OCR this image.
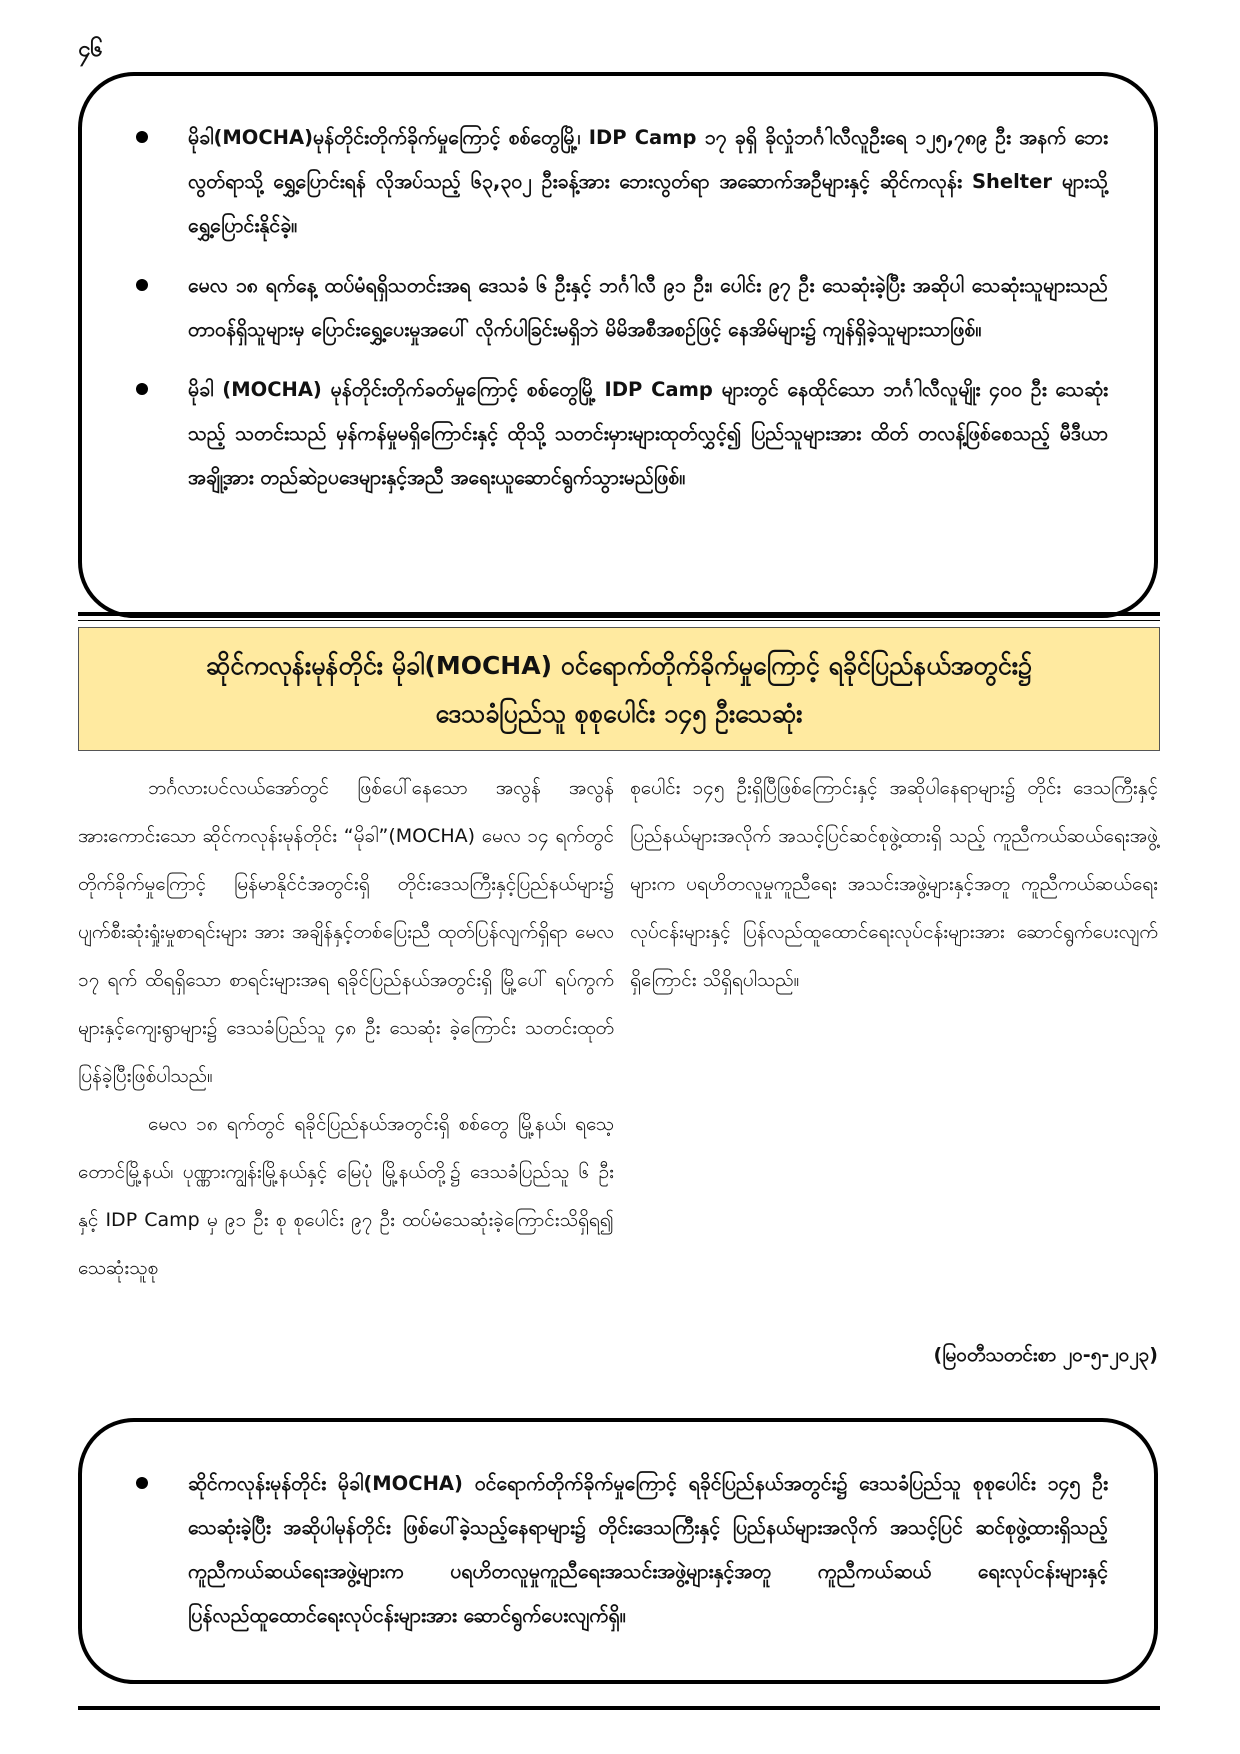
၄၆
မိုခါ(MOCHA)မုန်တိုင်းတိုက်ခိုက်မှုကြောင့် စစ်တွေမြို့၊ IDP Camp ၁၇ ခုရှိ ခိုလှုံဘင်္ဂါလီလူဦးရေ ၁၂၅,၇၈၉ ဦး အနက် ဘေးလွတ်ရာသို့ ရွှေ့ပြောင်းရန် လိုအပ်သည့် ၆၃,၃၀၂ ဦးခန့်အား ဘေးလွတ်ရာ အဆောက်အဦများနှင့် ဆိုင်ကလုန်း Shelter များသို့ ရွှေ့ပြောင်းနိုင်ခဲ့။
မေလ ၁၈ ရက်နေ့ ထပ်မံရရှိသတင်းအရ ဒေသခံ ၆ ဦးနှင့် ဘင်္ဂါလီ ၉၁ ဦး၊ ပေါင်း ၉၇ ဦး သေဆုံးခဲ့ပြီး အဆိုပါ သေဆုံးသူများသည် တာဝန်ရှိသူများမှ ပြောင်းရွှေ့ပေးမှုအပေါ် လိုက်ပါခြင်းမရှိဘဲ မိမိအစီအစဉ်ဖြင့် နေအိမ်များ၌ ကျန်ရှိခဲ့သူများသာဖြစ်။
မိုခါ (MOCHA) မုန်တိုင်းတိုက်ခတ်မှုကြောင့် စစ်တွေမြို့ IDP Camp များတွင် နေထိုင်သော ဘင်္ဂါလီလူမျိုး ၄၀၀ ဦး သေဆုံးသည့် သတင်းသည် မှန်ကန်မှုမရှိကြောင်းနှင့် ထိုသို့ သတင်းမှားများထုတ်လွှင့်၍ ပြည်သူများအား ထိတ် တလန့်ဖြစ်စေသည့် မီဒီယာအချို့အား တည်ဆဲဥပဒေများနှင့်အညီ အရေးယူဆောင်ရွက်သွားမည်ဖြစ်။
ဆိုင်ကလုန်းမုန်တိုင်း မိုခါ(MOCHA) ဝင်ရောက်တိုက်ခိုက်မှုကြောင့် ရခိုင်ပြည်နယ်အတွင်း၌
ဒေသခံပြည်သူ စုစုပေါင်း ၁၄၅ ဦးသေဆုံး

ဘင်္ဂလားပင်လယ်အော်တွင် ဖြစ်ပေါ်နေသော အလွန် အလွန်အားကောင်းသော ဆိုင်ကလုန်းမုန်တိုင်း “မိုခါ”(MOCHA) မေလ ၁၄ ရက်တွင် တိုက်ခိုက်မှုကြောင့် မြန်မာနိုင်ငံအတွင်းရှိ တိုင်းဒေသကြီးနှင့်ပြည်နယ်များ၌ ပျက်စီးဆုံးရှုံးမှုစာရင်းများ အား အချိန်နှင့်တစ်ပြေးညီ ထုတ်ပြန်လျက်ရှိရာ မေလ ၁၇ ရက် ထိရရှိသော စာရင်းများအရ ရခိုင်ပြည်နယ်အတွင်းရှိ မြို့ပေါ် ရပ်ကွက်များနှင့်ကျေးရွာများ၌ ဒေသခံပြည်သူ ၄၈ ဦး သေဆုံး ခဲ့ကြောင်း သတင်းထုတ်ပြန်ခဲ့ပြီးဖြစ်ပါသည်။

မေလ ၁၈ ရက်တွင် ရခိုင်ပြည်နယ်အတွင်းရှိ စစ်တွေ မြို့နယ်၊ ရသေ့တောင်မြို့နယ်၊ ပုဏ္ဏားကျွန်းမြို့နယ်နှင့် မြေပုံ မြို့နယ်တို့၌ ဒေသခံပြည်သူ ၆ ဦးနှင့် IDP Camp မှ ၉၁ ဦး စု စုပေါင်း ၉၇ ဦး ထပ်မံသေဆုံးခဲ့ကြောင်းသိရှိရ၍ သေဆုံးသူစု

စုပေါင်း ၁၄၅ ဦးရှိပြီဖြစ်ကြောင်းနှင့် အဆိုပါနေရာများ၌ တိုင်း ဒေသကြီးနှင့် ပြည်နယ်များအလိုက် အသင့်ပြင်ဆင်စုဖွဲ့ထားရှိ သည့် ကူညီကယ်ဆယ်ရေးအဖွဲ့များက ပရဟိတလူမှုကူညီရေး အသင်းအဖွဲ့များနှင့်အတူ ကူညီကယ်ဆယ်ရေးလုပ်ငန်းများနှင့် ပြန်လည်ထူထောင်ရေးလုပ်ငန်းများအား ဆောင်ရွက်ပေးလျက် ရှိကြောင်း သိရှိရပါသည်။

(မြဝတီသတင်းစာ ၂၀-၅-၂၀၂၃)
ဆိုင်ကလုန်းမုန်တိုင်း မိုခါ(MOCHA) ဝင်ရောက်တိုက်ခိုက်မှုကြောင့် ရခိုင်ပြည်နယ်အတွင်း၌ ဒေသခံပြည်သူ စုစုပေါင်း ၁၄၅ ဦးသေဆုံးခဲ့ပြီး အဆိုပါမုန်တိုင်း ဖြစ်ပေါ်ခဲ့သည့်နေရာများ၌ တိုင်းဒေသကြီးနှင့် ပြည်နယ်များအလိုက် အသင့်ပြင် ဆင်စုဖွဲ့ထားရှိသည့် ကူညီကယ်ဆယ်ရေးအဖွဲ့များက ပရဟိတလူမှုကူညီရေးအသင်းအဖွဲ့များနှင့်အတူ ကူညီကယ်ဆယ် ရေးလုပ်ငန်းများနှင့် ပြန်လည်ထူထောင်ရေးလုပ်ငန်းများအား ဆောင်ရွက်ပေးလျက်ရှိ။
